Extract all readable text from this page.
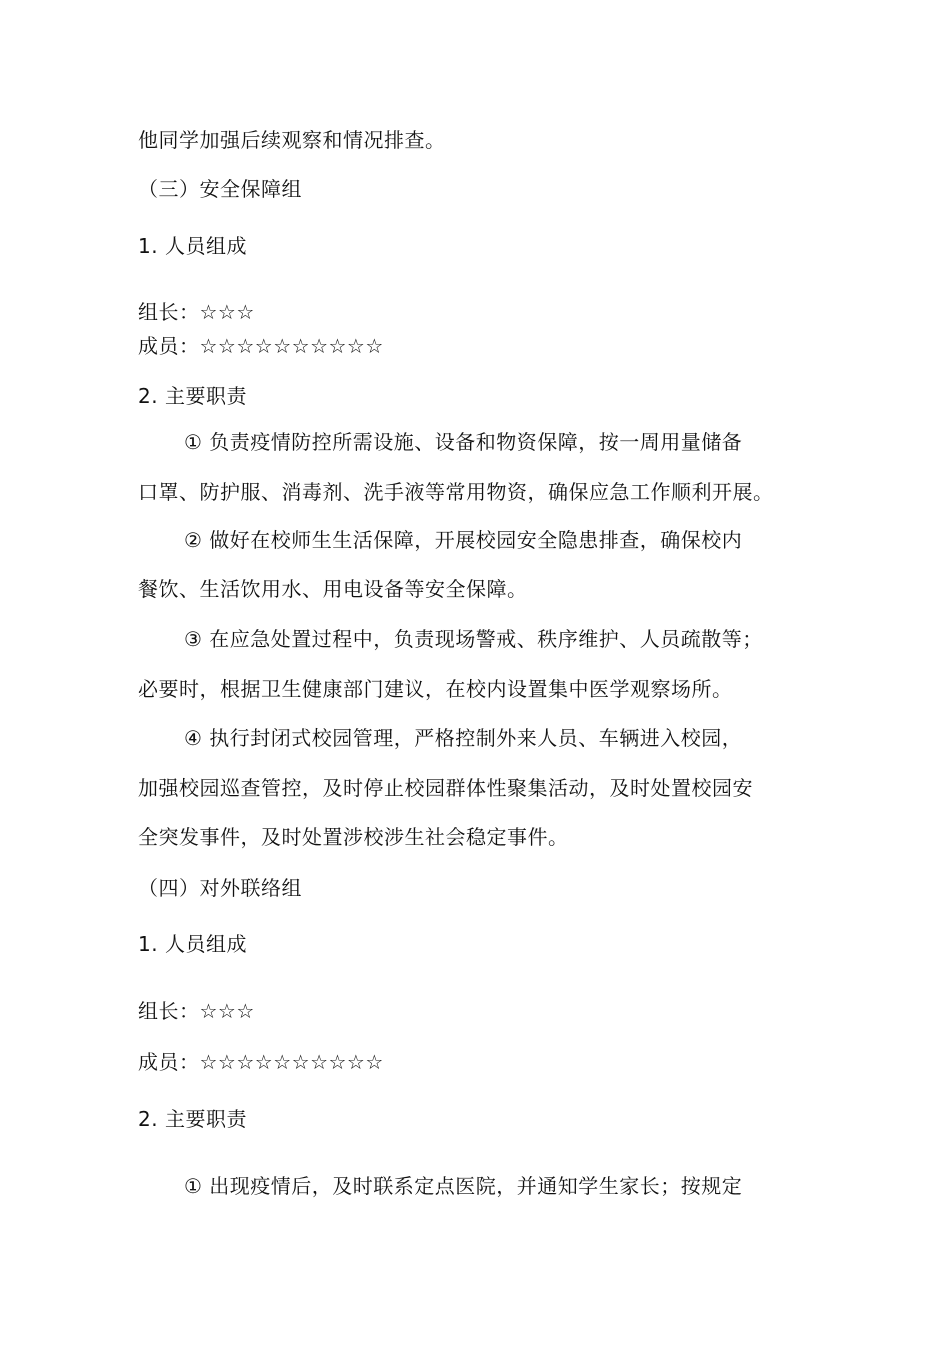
他同学加强后续观察和情况排查。
（三）安全保障组
1. 人员组成
组长：☆☆☆
成员：☆☆☆☆☆☆☆☆☆☆
2. 主要职责
① 负责疫情防控所需设施、设备和物资保障，按一周用量储备
口罩、防护服、消毒剂、洗手液等常用物资，确保应急工作顺利开展。
② 做好在校师生生活保障，开展校园安全隐患排查，确保校内
餐饮、生活饮用水、用电设备等安全保障。
③ 在应急处置过程中，负责现场警戒、秩序维护、人员疏散等；
必要时，根据卫生健康部门建议，在校内设置集中医学观察场所。
④ 执行封闭式校园管理，严格控制外来人员、车辆进入校园，
加强校园巡查管控，及时停止校园群体性聚集活动，及时处置校园安
全突发事件，及时处置涉校涉生社会稳定事件。
（四）对外联络组
1. 人员组成
组长：☆☆☆
成员：☆☆☆☆☆☆☆☆☆☆
2. 主要职责
① 出现疫情后，及时联系定点医院，并通知学生家长；按规定
